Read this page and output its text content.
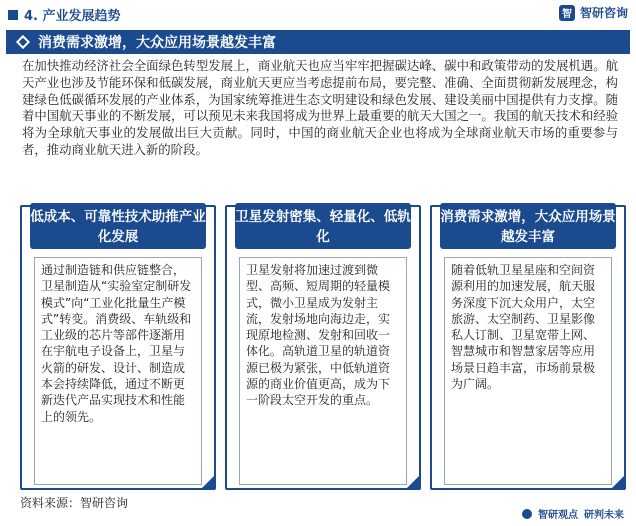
4. 产业发展趋势	智 智研咨询
消费需求激增，大众应用场景越发丰富

在加快推动经济社会全面绿色转型发展上，商业航天也应当牢牢把握碳达峰、碳中和政策带动的发展机遇。航天产业也涉及节能环保和低碳发展，商业航天更应当考虑提前布局，要完整、准确、全面贯彻新发展理念，构建绿色低碳循环发展的产业体系，为国家统筹推进生态文明建设和绿色发展、建设美丽中国提供有力支撑。随着中国航天事业的不断发展，可以预见未来我国将成为世界上最重要的航天大国之一。我国的航天技术和经验将为全球航天事业的发展做出巨大贡献。同时，中国的商业航天企业也将成为全球商业航天市场的重要参与者，推动商业航天进入新的阶段。

低成本、可靠性技术助推产业化发展
通过制造链和供应链整合，卫星制造从“实验室定制研发模式”向“工业化批量生产模式”转变。消费级、车轨级和工业级的芯片等部件逐渐用在宇航电子设备上，卫星与火箭的研发、设计、制造成本会持续降低，通过不断更新迭代产品实现技术和性能上的领先。
卫星发射密集、轻量化、低轨化
卫星发射将加速过渡到微型、高频、短周期的轻量模式，微小卫星成为发射主流，发射场地向海边走，实现原地检测、发射和回收一体化。高轨道卫星的轨道资源已极为紧张，中低轨道资源的商业价值更高，成为下一阶段太空开发的重点。
消费需求激增，大众应用场景越发丰富
随着低轨卫星星座和空间资源利用的加速发展，航天服务深度下沉大众用户，太空旅游、太空制药、卫星影像私人订制、卫星宽带上网、智慧城市和智慧家居等应用场景日趋丰富，市场前景极为广阔。
资料来源：智研咨询
智研观点 研判未来
